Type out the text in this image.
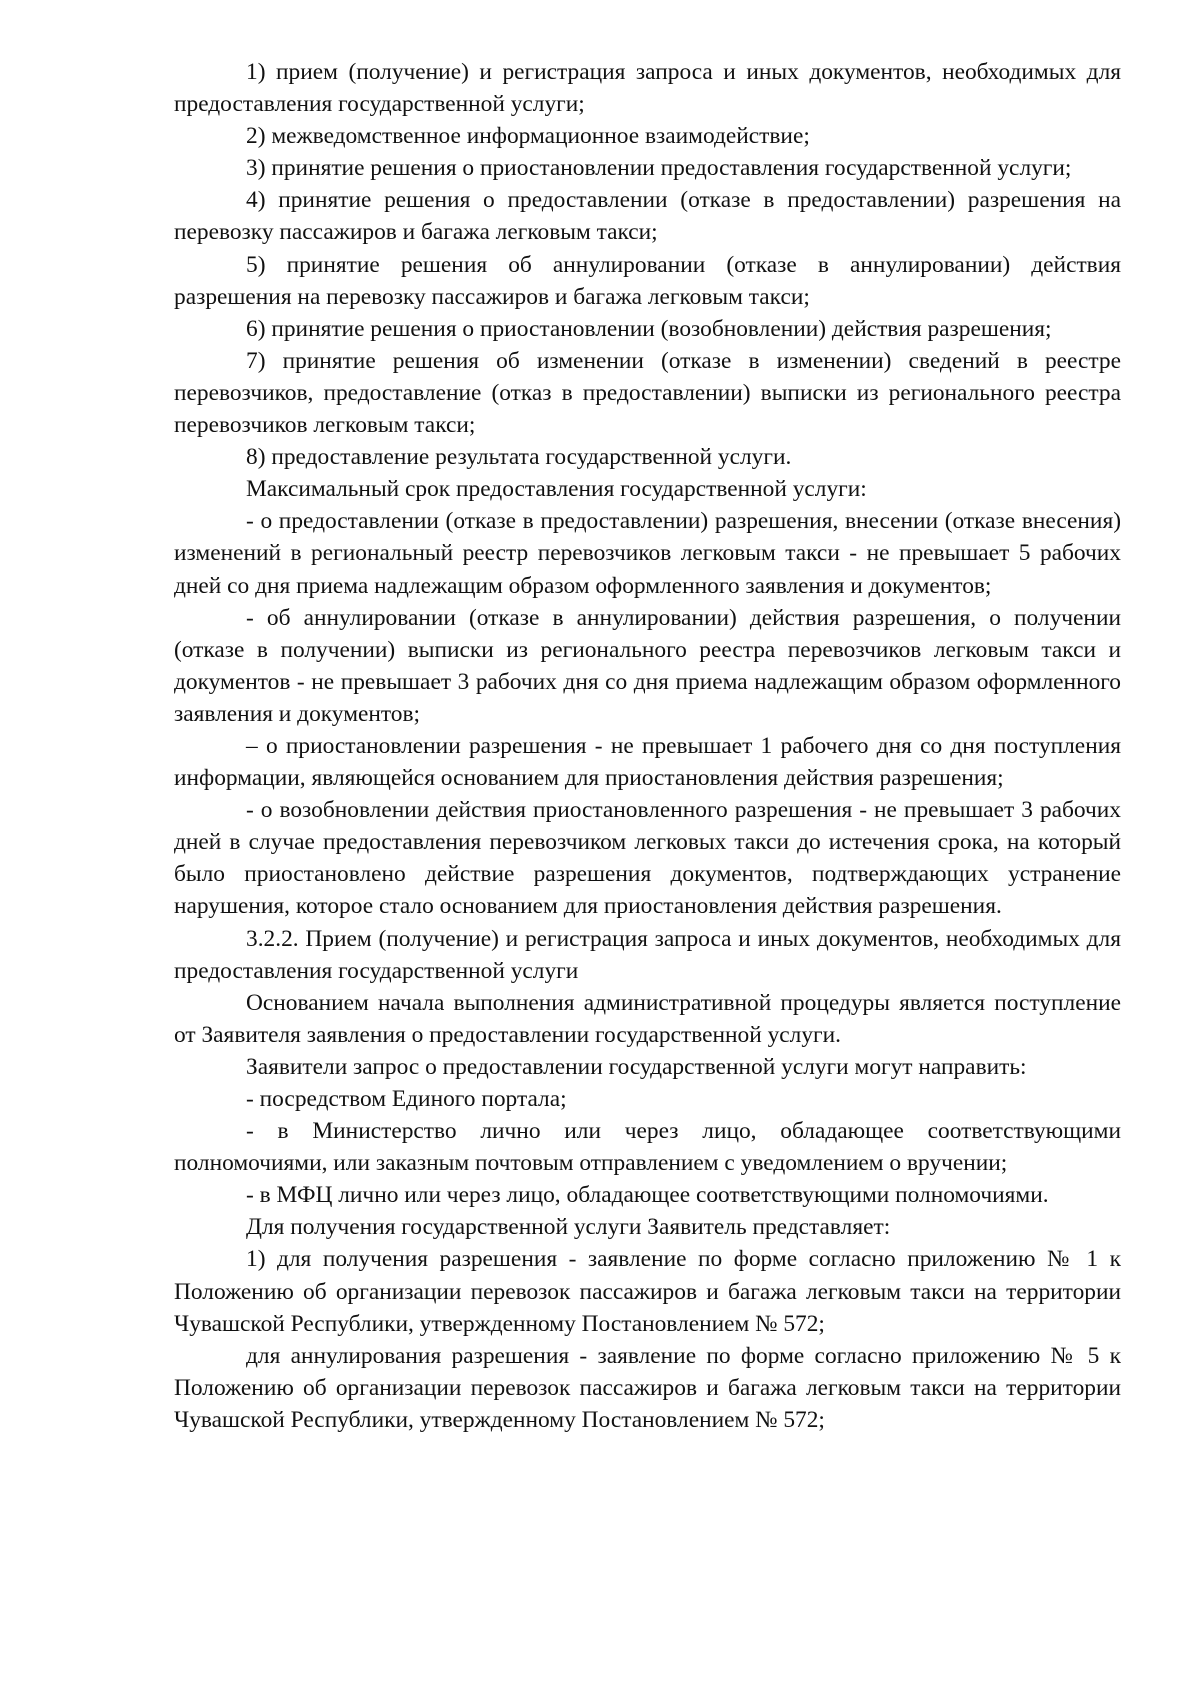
1) прием (получение) и регистрация запроса и иных документов, необходимых для предоставления государственной услуги;

2) межведомственное информационное взаимодействие;

3) принятие решения о приостановлении предоставления государственной услуги;

4) принятие решения о предоставлении (отказе в предоставлении) разрешения на перевозку пассажиров и багажа легковым такси;

5) принятие решения об аннулировании (отказе в аннулировании) действия разрешения на перевозку пассажиров и багажа легковым такси;

6) принятие решения о приостановлении (возобновлении) действия разрешения;

7) принятие решения об изменении (отказе в изменении) сведений в реестре перевозчиков, предоставление (отказ в предоставлении) выписки из регионального реестра перевозчиков легковым такси;

8) предоставление результата государственной услуги.

Максимальный срок предоставления государственной услуги:

- о предоставлении (отказе в предоставлении) разрешения, внесении (отказе внесения) изменений в региональный реестр перевозчиков легковым такси - не превышает 5 рабочих дней со дня приема надлежащим образом оформленного заявления и документов;

- об аннулировании (отказе в аннулировании) действия разрешения, о получении (отказе в получении) выписки из регионального реестра перевозчиков легковым такси и документов - не превышает 3 рабочих дня со дня приема надлежащим образом оформленного заявления и документов;

– о приостановлении разрешения - не превышает 1 рабочего дня со дня поступления информации, являющейся основанием для приостановления действия разрешения;

- о возобновлении действия приостановленного разрешения - не превышает 3 рабочих дней в случае предоставления перевозчиком легковых такси до истечения срока, на который было приостановлено действие разрешения документов, подтверждающих устранение нарушения, которое стало основанием для приостановления действия разрешения.

3.2.2. Прием (получение) и регистрация запроса и иных документов, необходимых для предоставления государственной услуги

Основанием начала выполнения административной процедуры является поступление от Заявителя заявления о предоставлении государственной услуги.

Заявители запрос о предоставлении государственной услуги могут направить:

- посредством Единого портала;

- в Министерство лично или через лицо, обладающее соответствующими полномочиями, или заказным почтовым отправлением с уведомлением о вручении;

- в МФЦ лично или через лицо, обладающее соответствующими полномочиями.

Для получения государственной услуги Заявитель представляет:

1) для получения разрешения - заявление по форме согласно приложению № 1 к Положению об организации перевозок пассажиров и багажа легковым такси на территории Чувашской Республики, утвержденному Постановлением № 572;

для аннулирования разрешения - заявление по форме согласно приложению № 5 к Положению об организации перевозок пассажиров и багажа легковым такси на территории Чувашской Республики, утвержденному Постановлением № 572;
